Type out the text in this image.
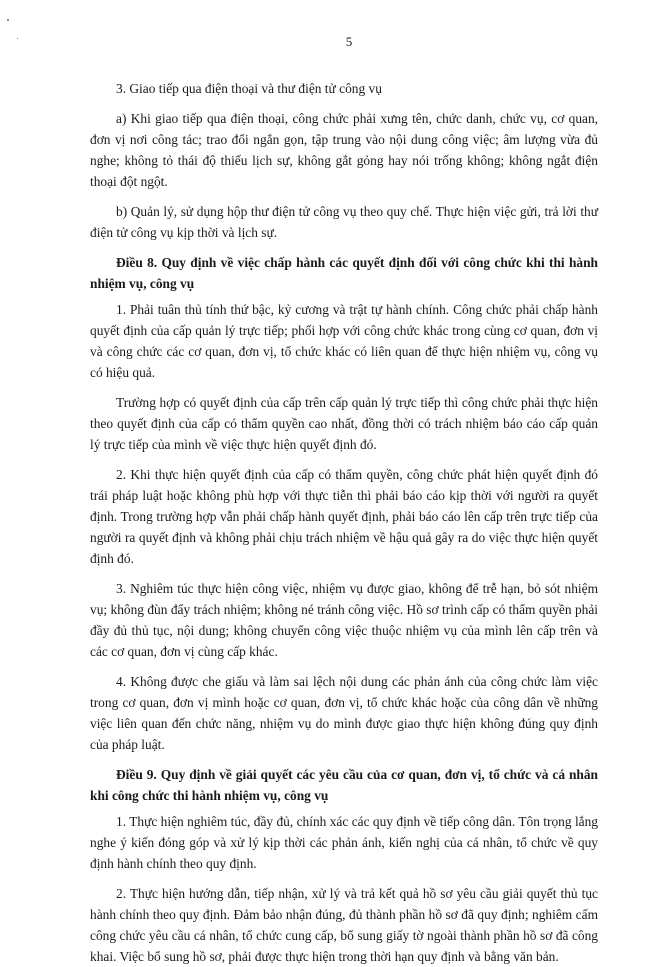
5

3. Giao tiếp qua điện thoại và thư điện tử công vụ

a) Khi giao tiếp qua điện thoại, công chức phải xưng tên, chức danh, chức vụ, cơ quan, đơn vị nơi công tác; trao đổi ngắn gọn, tập trung vào nội dung công việc; âm lượng vừa đủ nghe; không tỏ thái độ thiếu lịch sự, không gắt gỏng hay nói trống không; không ngắt điện thoại đột ngột.

b) Quản lý, sử dụng hộp thư điện tử công vụ theo quy chế. Thực hiện việc gửi, trả lời thư điện tử công vụ kịp thời và lịch sự.

Điều 8. Quy định về việc chấp hành các quyết định đối với công chức khi thi hành nhiệm vụ, công vụ

1. Phải tuân thủ tính thứ bậc, kỷ cương và trật tự hành chính. Công chức phải chấp hành quyết định của cấp quản lý trực tiếp; phối hợp với công chức khác trong cùng cơ quan, đơn vị và công chức các cơ quan, đơn vị, tổ chức khác có liên quan để thực hiện nhiệm vụ, công vụ có hiệu quả.

Trường hợp có quyết định của cấp trên cấp quản lý trực tiếp thì công chức phải thực hiện theo quyết định của cấp có thẩm quyền cao nhất, đồng thời có trách nhiệm báo cáo cấp quản lý trực tiếp của mình về việc thực hiện quyết định đó.

2. Khi thực hiện quyết định của cấp có thẩm quyền, công chức phát hiện quyết định đó trái pháp luật hoặc không phù hợp với thực tiễn thì phải báo cáo kịp thời với người ra quyết định. Trong trường hợp vẫn phải chấp hành quyết định, phải báo cáo lên cấp trên trực tiếp của người ra quyết định và không phải chịu trách nhiệm về hậu quả gây ra do việc thực hiện quyết định đó.

3. Nghiêm túc thực hiện công việc, nhiệm vụ được giao, không để trễ hạn, bỏ sót nhiệm vụ; không đùn đẩy trách nhiệm; không né tránh công việc. Hồ sơ trình cấp có thẩm quyền phải đầy đủ thủ tục, nội dung; không chuyển công việc thuộc nhiệm vụ của mình lên cấp trên và các cơ quan, đơn vị cùng cấp khác.

4. Không được che giấu và làm sai lệch nội dung các phản ánh của công chức làm việc trong cơ quan, đơn vị mình hoặc cơ quan, đơn vị, tổ chức khác hoặc của công dân về những việc liên quan đến chức năng, nhiệm vụ do mình được giao thực hiện không đúng quy định của pháp luật.

Điều 9. Quy định về giải quyết các yêu cầu của cơ quan, đơn vị, tổ chức và cá nhân khi công chức thi hành nhiệm vụ, công vụ

1. Thực hiện nghiêm túc, đầy đủ, chính xác các quy định về tiếp công dân. Tôn trọng lắng nghe ý kiến đóng góp và xử lý kịp thời các phản ánh, kiến nghị của cá nhân, tổ chức về quy định hành chính theo quy định.

2. Thực hiện hướng dẫn, tiếp nhận, xử lý và trả kết quả hồ sơ yêu cầu giải quyết thủ tục hành chính theo quy định. Đảm bảo nhận đúng, đủ thành phần hồ sơ đã quy định; nghiêm cấm công chức yêu cầu cá nhân, tổ chức cung cấp, bổ sung giấy tờ ngoài thành phần hồ sơ đã công khai. Việc bổ sung hồ sơ, phải được thực hiện trong thời hạn quy định và bằng văn bản.
